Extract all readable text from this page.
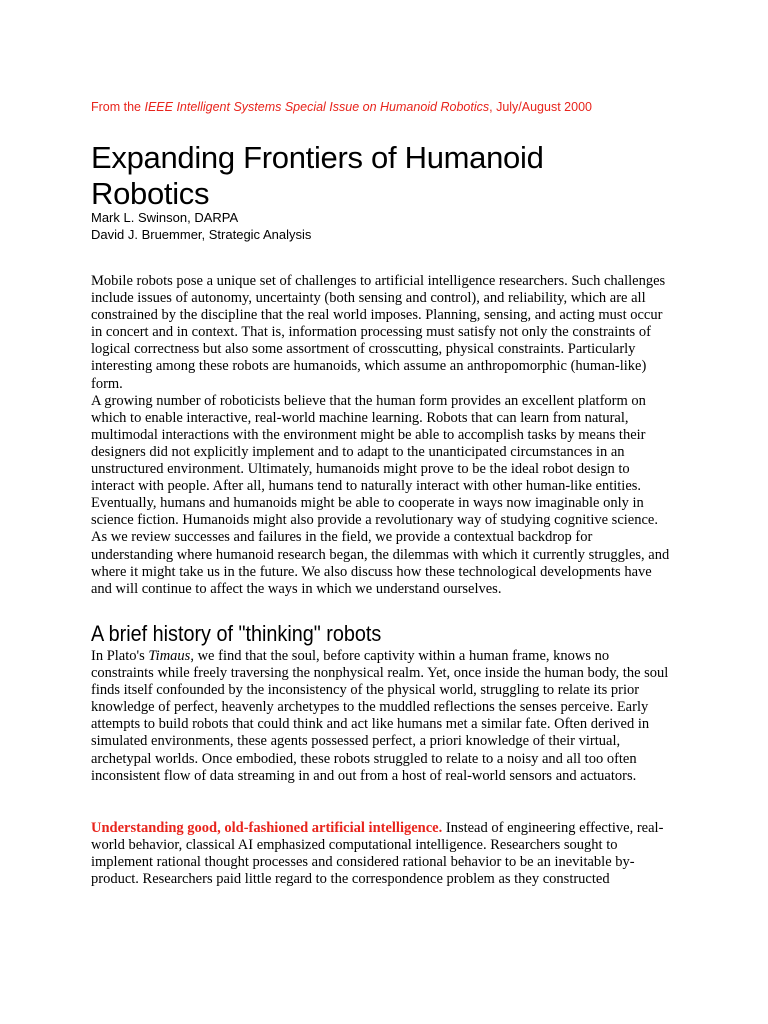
From the IEEE Intelligent Systems Special Issue on Humanoid Robotics, July/August 2000
Expanding Frontiers of Humanoid Robotics
Mark L. Swinson, DARPA
David J. Bruemmer, Strategic Analysis

Mobile robots pose a unique set of challenges to artificial intelligence researchers. Such challenges include issues of autonomy, uncertainty (both sensing and control), and reliability, which are all constrained by the discipline that the real world imposes. Planning, sensing, and acting must occur in concert and in context. That is, information processing must satisfy not only the constraints of logical correctness but also some assortment of crosscutting, physical constraints. Particularly interesting among these robots are humanoids, which assume an anthropomorphic (human-like) form.

A growing number of roboticists believe that the human form provides an excellent platform on which to enable interactive, real-world machine learning. Robots that can learn from natural, multimodal interactions with the environment might be able to accomplish tasks by means their designers did not explicitly implement and to adapt to the unanticipated circumstances in an unstructured environment. Ultimately, humanoids might prove to be the ideal robot design to interact with people. After all, humans tend to naturally interact with other human-like entities. Eventually, humans and humanoids might be able to cooperate in ways now imaginable only in science fiction. Humanoids might also provide a revolutionary way of studying cognitive science. As we review successes and failures in the field, we provide a contextual backdrop for understanding where humanoid research began, the dilemmas with which it currently struggles, and where it might take us in the future. We also discuss how these technological developments have and will continue to affect the ways in which we understand ourselves.

A brief history of "thinking" robots

In Plato's Timaus, we find that the soul, before captivity within a human frame, knows no constraints while freely traversing the nonphysical realm. Yet, once inside the human body, the soul finds itself confounded by the inconsistency of the physical world, struggling to relate its prior knowledge of perfect, heavenly archetypes to the muddled reflections the senses perceive. Early attempts to build robots that could think and act like humans met a similar fate. Often derived in simulated environments, these agents possessed perfect, a priori knowledge of their virtual, archetypal worlds. Once embodied, these robots struggled to relate to a noisy and all too often inconsistent flow of data streaming in and out from a host of real-world sensors and actuators.

Understanding good, old-fashioned artificial intelligence. Instead of engineering effective, real-world behavior, classical AI emphasized computational intelligence. Researchers sought to implement rational thought processes and considered rational behavior to be an inevitable by-product. Researchers paid little regard to the correspondence problem as they constructed
